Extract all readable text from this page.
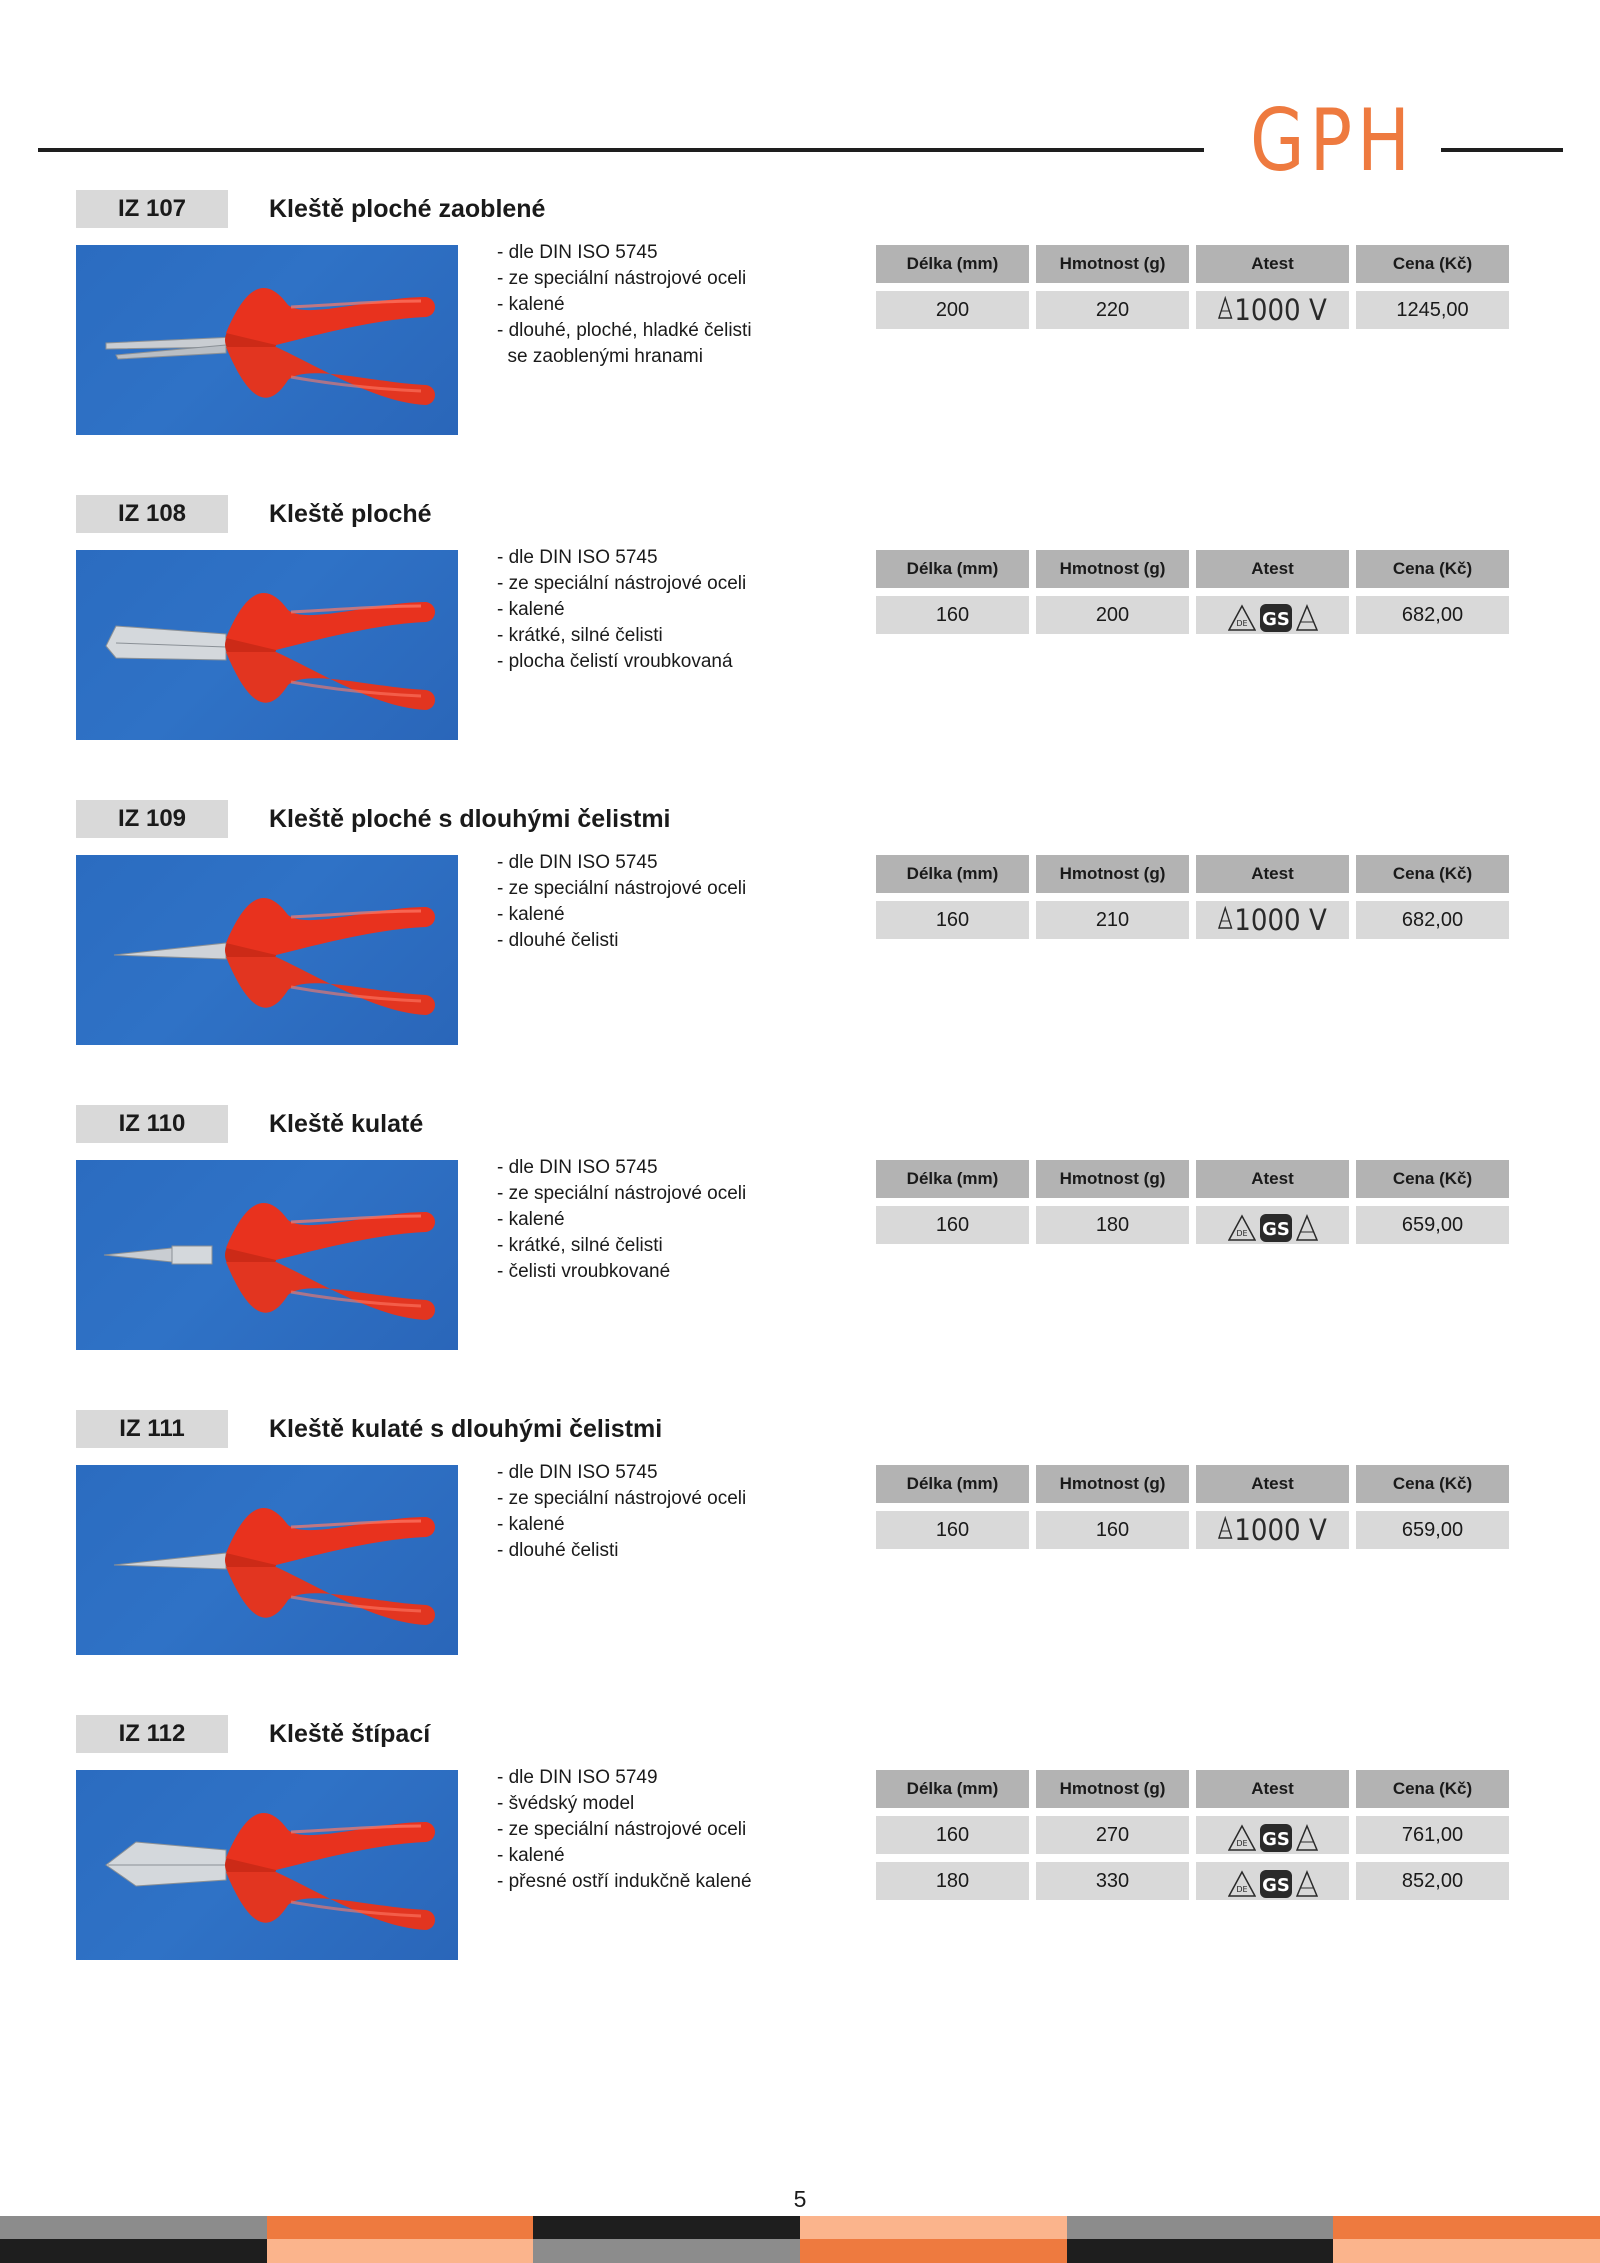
GPH
IZ 107	Kleště ploché zaoblené
- dle DIN ISO 5745
- ze speciální nástrojové oceli
- kalené
- dlouhé, ploché, hladké čelisti
se zaoblenými hranami
Délka (mm)	Hmotnost (g)	Atest	Cena (Kč)
200	220	1000 V	1245,00
IZ 108	Kleště ploché
- dle DIN ISO 5745
- ze speciální nástrojové oceli
- kalené
- krátké, silné čelisti
- plocha čelistí vroubkovaná
Délka (mm)	Hmotnost (g)	Atest	Cena (Kč)
160	200	DE GS	682,00
IZ 109	Kleště ploché s dlouhými čelistmi
- dle DIN ISO 5745
- ze speciální nástrojové oceli
- kalené
- dlouhé čelisti
Délka (mm)	Hmotnost (g)	Atest	Cena (Kč)
160	210	1000 V	682,00
IZ 110	Kleště kulaté
- dle DIN ISO 5745
- ze speciální nástrojové oceli
- kalené
- krátké, silné čelisti
- čelisti vroubkované
Délka (mm)	Hmotnost (g)	Atest	Cena (Kč)
160	180	DE GS	659,00
IZ 111	Kleště kulaté s dlouhými čelistmi
- dle DIN ISO 5745
- ze speciální nástrojové oceli
- kalené
- dlouhé čelisti
Délka (mm)	Hmotnost (g)	Atest	Cena (Kč)
160	160	1000 V	659,00
IZ 112	Kleště štípací
- dle DIN ISO 5749
- švédský model
- ze speciální nástrojové oceli
- kalené
- přesné ostří indukčně kalené
Délka (mm)	Hmotnost (g)	Atest	Cena (Kč)
160	270	DE GS	761,00
180	330	DE GS	852,00
5
